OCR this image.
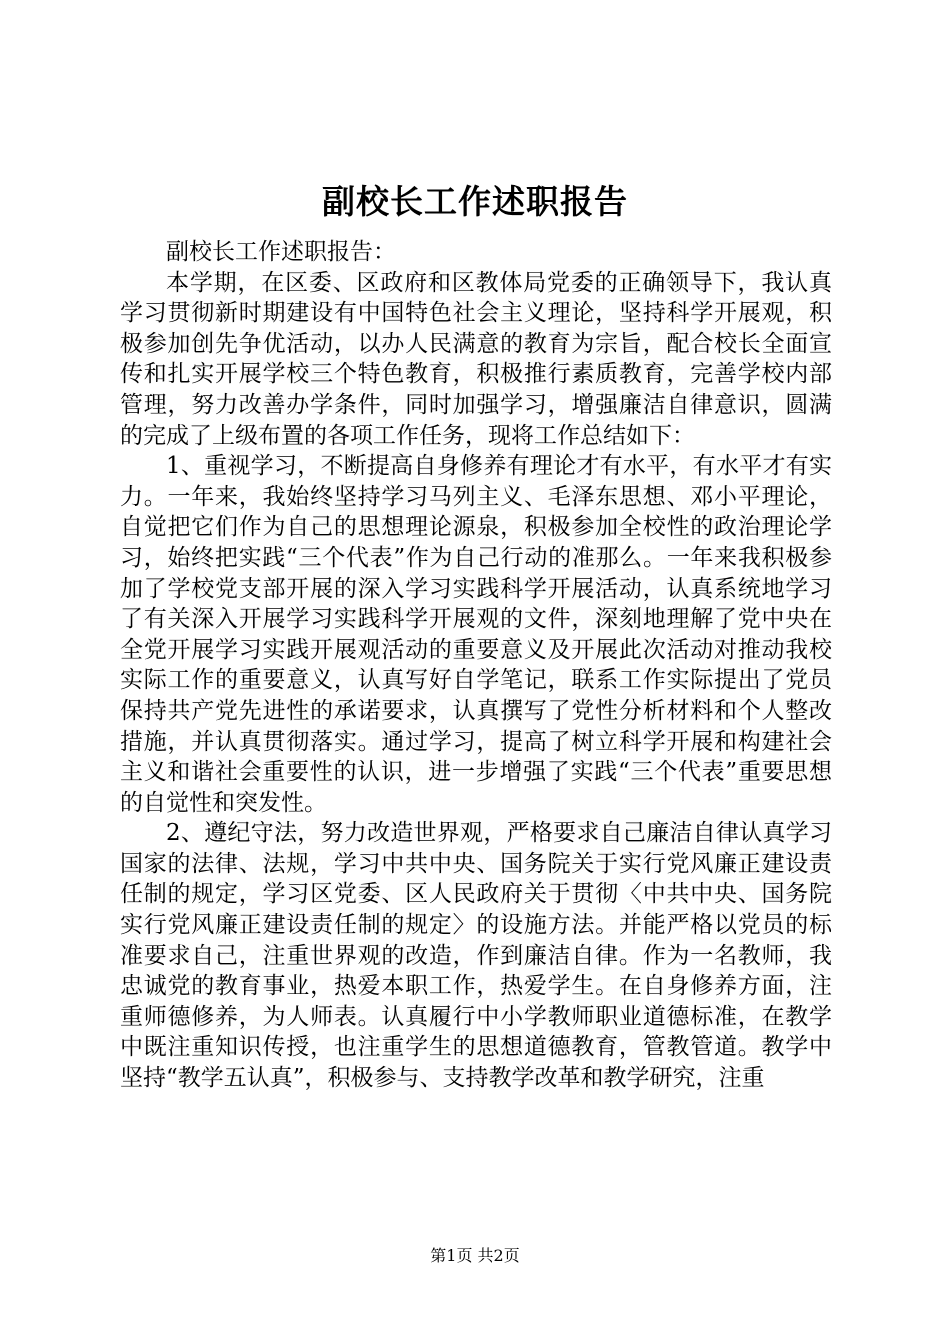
副校长工作述职报告

副校长工作述职报告：

本学期，在区委、区政府和区教体局党委的正确领导下，我认真学习贯彻新时期建设有中国特色社会主义理论，坚持科学开展观，积极参加创先争优活动，以办人民满意的教育为宗旨，配合校长全面宣传和扎实开展学校三个特色教育，积极推行素质教育，完善学校内部管理，努力改善办学条件，同时加强学习，增强廉洁自律意识，圆满的完成了上级布置的各项工作任务，现将工作总结如下：

1、重视学习，不断提高自身修养有理论才有水平，有水平才有实力。一年来，我始终坚持学习马列主义、毛泽东思想、邓小平理论，自觉把它们作为自己的思想理论源泉，积极参加全校性的政治理论学习，始终把实践“三个代表”作为自己行动的准那么。一年来我积极参加了学校党支部开展的深入学习实践科学开展活动，认真系统地学习了有关深入开展学习实践科学开展观的文件，深刻地理解了党中央在全党开展学习实践开展观活动的重要意义及开展此次活动对推动我校实际工作的重要意义，认真写好自学笔记，联系工作实际提出了党员保持共产党先进性的承诺要求，认真撰写了党性分析材料和个人整改措施，并认真贯彻落实。通过学习，提高了树立科学开展和构建社会主义和谐社会重要性的认识，进一步增强了实践“三个代表”重要思想的自觉性和突发性。

2、遵纪守法，努力改造世界观，严格要求自己廉洁自律认真学习国家的法律、法规，学习中共中央、国务院关于实行党风廉正建设责任制的规定，学习区党委、区人民政府关于贯彻〈中共中央、国务院实行党风廉正建设责任制的规定〉的设施方法。并能严格以党员的标准要求自己，注重世界观的改造，作到廉洁自律。作为一名教师，我忠诚党的教育事业，热爱本职工作，热爱学生。在自身修养方面，注重师德修养，为人师表。认真履行中小学教师职业道德标准，在教学中既注重知识传授，也注重学生的思想道德教育，管教管道。教学中坚持“教学五认真”，积极参与、支持教学改革和教学研究，注重

第1页 共2页
